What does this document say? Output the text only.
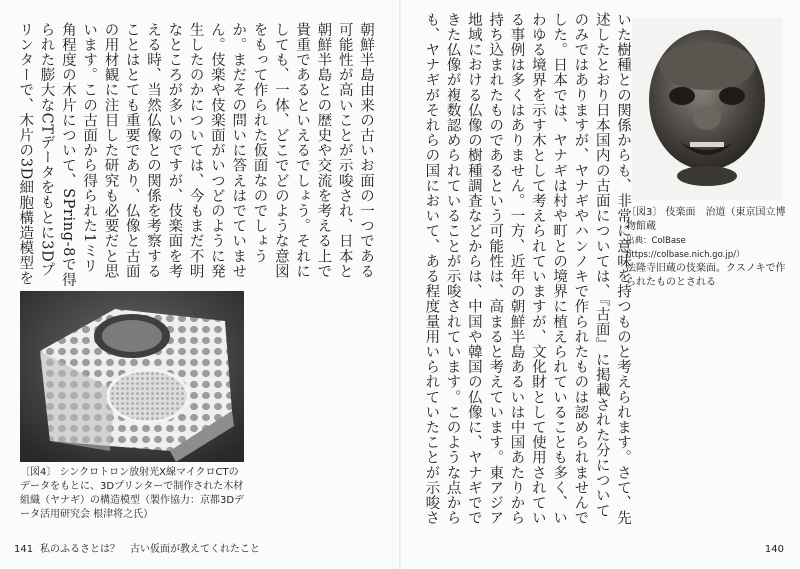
朝鮮半島由来の古いお面の一つである可能性が高いことが示唆され、日本と朝鮮半島との歴史や交流を考える上で貴重であるといえるでしょう。それにしても、一体、どこでどのような意図をもって作られた仮面なのでしょうか。まだその問いに答えはでていません。伎楽や伎楽面がいつどのように発生したのかについては、今もまだ不明なところが多いのですが、伎楽面を考える時、当然仏像との関係を考察することはとても重要であり、仏像と古面の用材観に注目した研究も必要だと思います。この古面から得られた1ミリ角程度の木片について、SPring-8で得られた膨大なCTデータをもとに3Dプリンターで、木片の3D細胞構造模型を
〔図4〕 シンクロトロン放射光X線マイクロCTのデータをもとに、3Dプリンターで制作された木材組織（ヤナギ）の構造模型（製作協力：京都3Dデータ活用研究会 根津将之氏）
141 私のふるさとは？　古い仮面が教えてくれたこと
いた樹種との関係からも、非常に意味を持つものと考えられます。さて、先述したとおり日本国内の古面については、『古面』に掲載された分についてのみではありますが、ヤナギやハンノキで作られたものは認められませんでした。日本では、ヤナギは村や町との境界に植えられていることも多く、いわゆる境界を示す木として考えられていますが、文化財として使用されている事例は多くはありません。一方、近年の朝鮮半島あるいは中国あたりから持ち込まれたものであるという可能性は、高まると考えています。東アジア地域における仏像の樹種調査などからは、中国や韓国の仏像に、ヤナギでできた仏像が複数認められていることが示唆されています。このような点からも、ヤナギがそれらの国において、ある程度量用いられていたことが示唆さ
〔図3〕 伎楽面　治道（東京国立博物館蔵
出典：ColBase　https://colbase.nich.go.jp/）
法隆寺旧蔵の伎楽面。クスノキで作られたものとされる
140
